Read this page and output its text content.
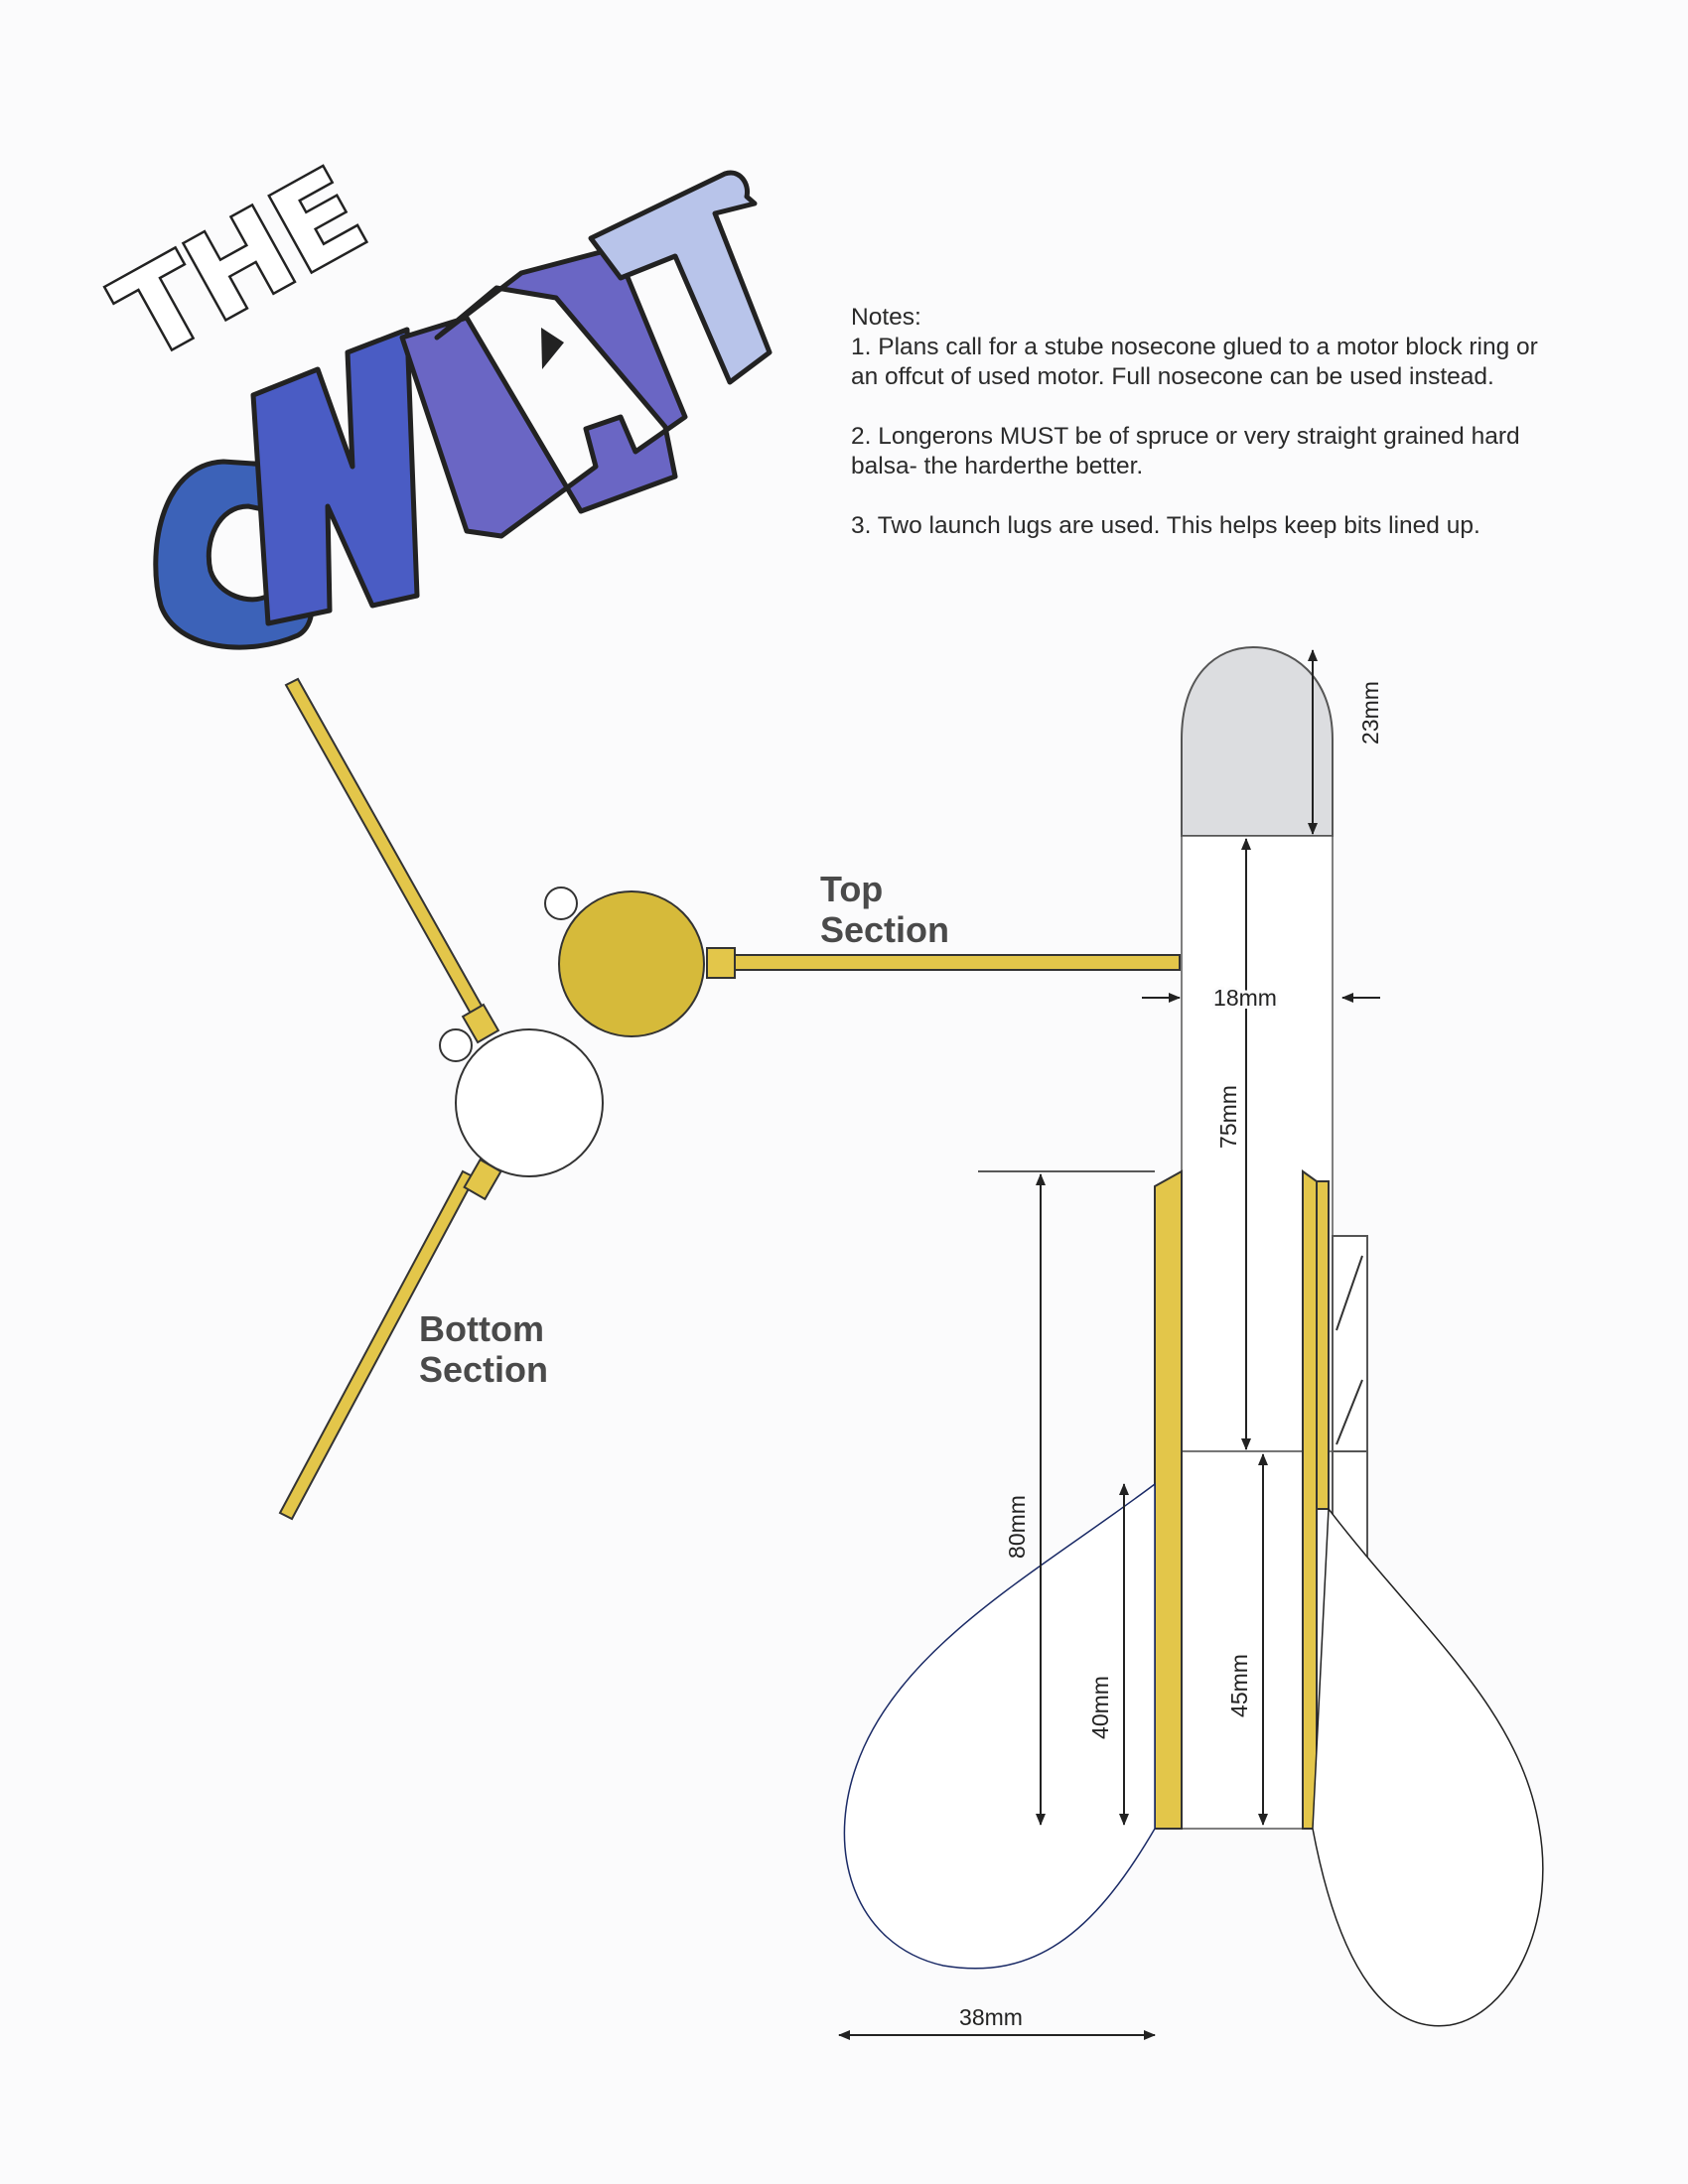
THE	Notes:

1. Plans call for a stube nosecone glued to a motor block ring or an offcut of used motor. Full nosecone can be used instead.

2. Longerons MUST be of spruce or very straight grained hard balsa- the harderthe better.

3. Two launch lugs are used. This helps keep bits lined up.

Top
Section
Bottom
Section
23mm
18mm
75mm
80mm
40mm	45mm
38mm
